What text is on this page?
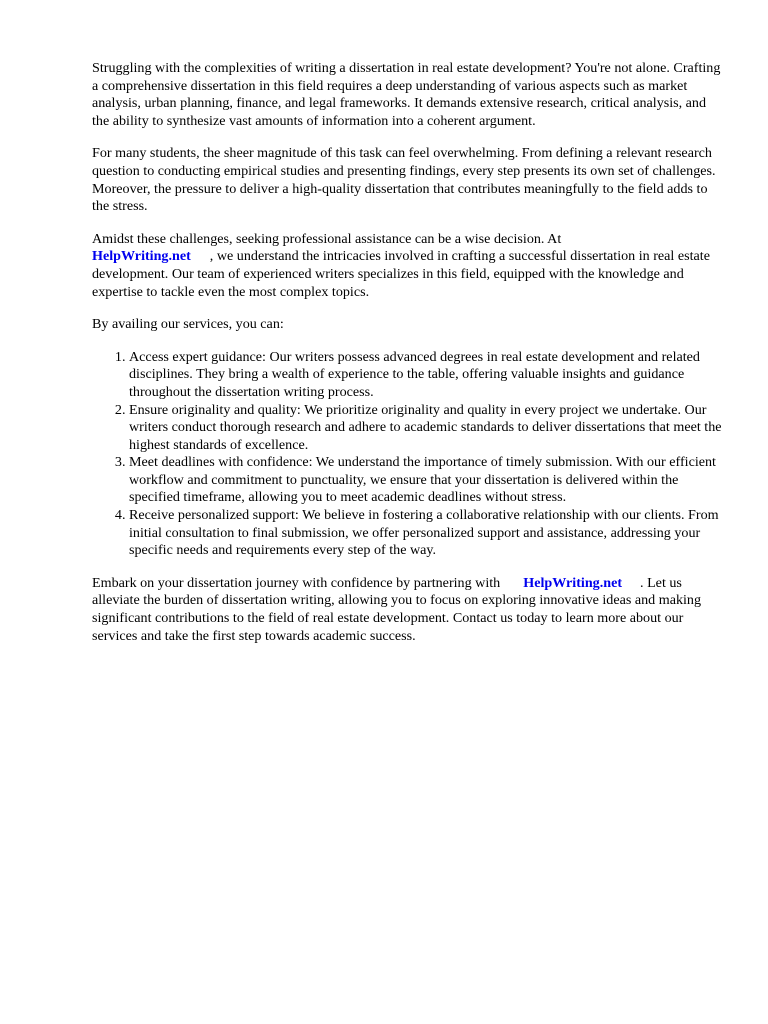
Struggling with the complexities of writing a dissertation in real estate development? You're not alone. Crafting a comprehensive dissertation in this field requires a deep understanding of various aspects such as market analysis, urban planning, finance, and legal frameworks. It demands extensive research, critical analysis, and the ability to synthesize vast amounts of information into a coherent argument.

For many students, the sheer magnitude of this task can feel overwhelming. From defining a relevant research question to conducting empirical studies and presenting findings, every step presents its own set of challenges. Moreover, the pressure to deliver a high-quality dissertation that contributes meaningfully to the field adds to the stress.

Amidst these challenges, seeking professional assistance can be a wise decision. At
HelpWriting.net , we understand the intricacies involved in crafting a successful dissertation in real estate development. Our team of experienced writers specializes in this field, equipped with the knowledge and expertise to tackle even the most complex topics.

By availing our services, you can:

1. Access expert guidance: Our writers possess advanced degrees in real estate development and related disciplines. They bring a wealth of experience to the table, offering valuable insights and guidance throughout the dissertation writing process.
2. Ensure originality and quality: We prioritize originality and quality in every project we undertake. Our writers conduct thorough research and adhere to academic standards to deliver dissertations that meet the highest standards of excellence.
3. Meet deadlines with confidence: We understand the importance of timely submission. With our efficient workflow and commitment to punctuality, we ensure that your dissertation is delivered within the specified timeframe, allowing you to meet academic deadlines without stress.
4. Receive personalized support: We believe in fostering a collaborative relationship with our clients. From initial consultation to final submission, we offer personalized support and assistance, addressing your specific needs and requirements every step of the way.

Embark on your dissertation journey with confidence by partnering with HelpWriting.net . Let us alleviate the burden of dissertation writing, allowing you to focus on exploring innovative ideas and making significant contributions to the field of real estate development. Contact us today to learn more about our services and take the first step towards academic success.
